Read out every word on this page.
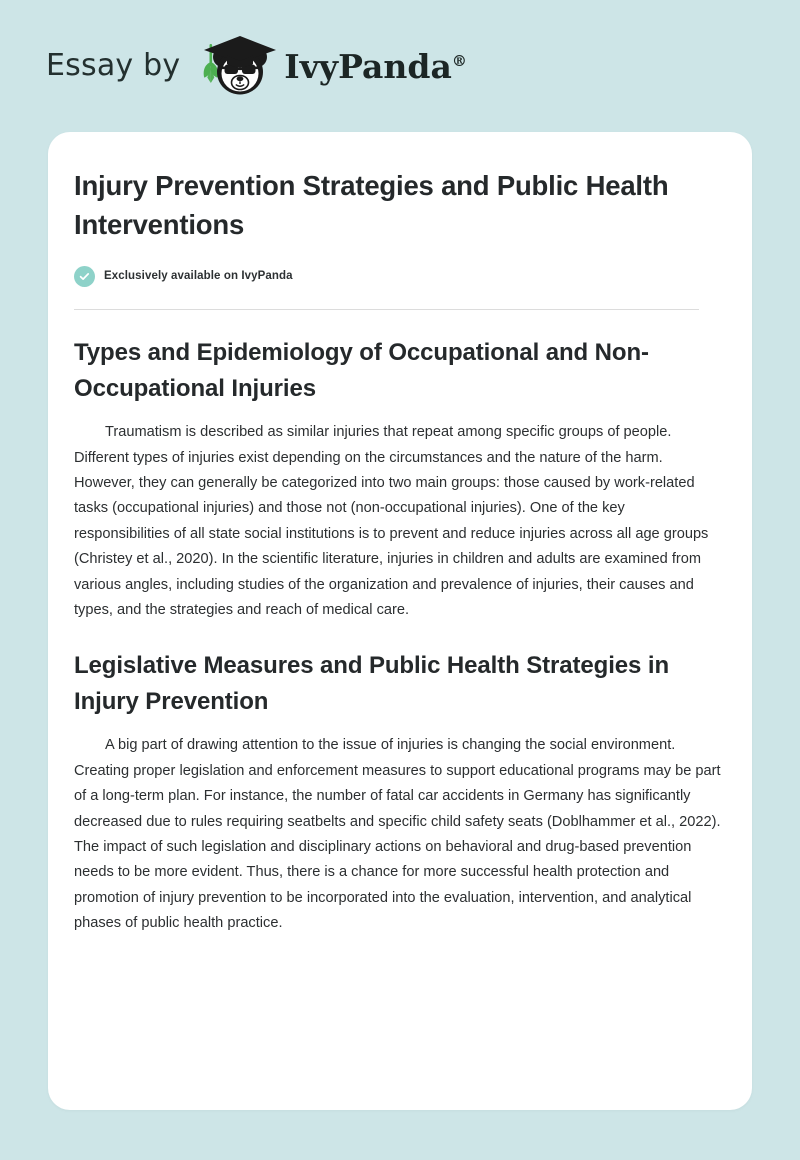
Essay by	IvyPanda®
Injury Prevention Strategies and Public Health Interventions
Exclusively available on IvyPanda
Types and Epidemiology of Occupational and Non-Occupational Injuries

Traumatism is described as similar injuries that repeat among specific groups of people. Different types of injuries exist depending on the circumstances and the nature of the harm. However, they can generally be categorized into two main groups: those caused by work-related tasks (occupational injuries) and those not (non-occupational injuries). One of the key responsibilities of all state social institutions is to prevent and reduce injuries across all age groups (Christey et al., 2020). In the scientific literature, injuries in children and adults are examined from various angles, including studies of the organization and prevalence of injuries, their causes and types, and the strategies and reach of medical care.

Legislative Measures and Public Health Strategies in Injury Prevention

A big part of drawing attention to the issue of injuries is changing the social environment. Creating proper legislation and enforcement measures to support educational programs may be part of a long-term plan. For instance, the number of fatal car accidents in Germany has significantly decreased due to rules requiring seatbelts and specific child safety seats (Doblhammer et al., 2022). The impact of such legislation and disciplinary actions on behavioral and drug-based prevention needs to be more evident. Thus, there is a chance for more successful health protection and promotion of injury prevention to be incorporated into the evaluation, intervention, and analytical phases of public health practice.
